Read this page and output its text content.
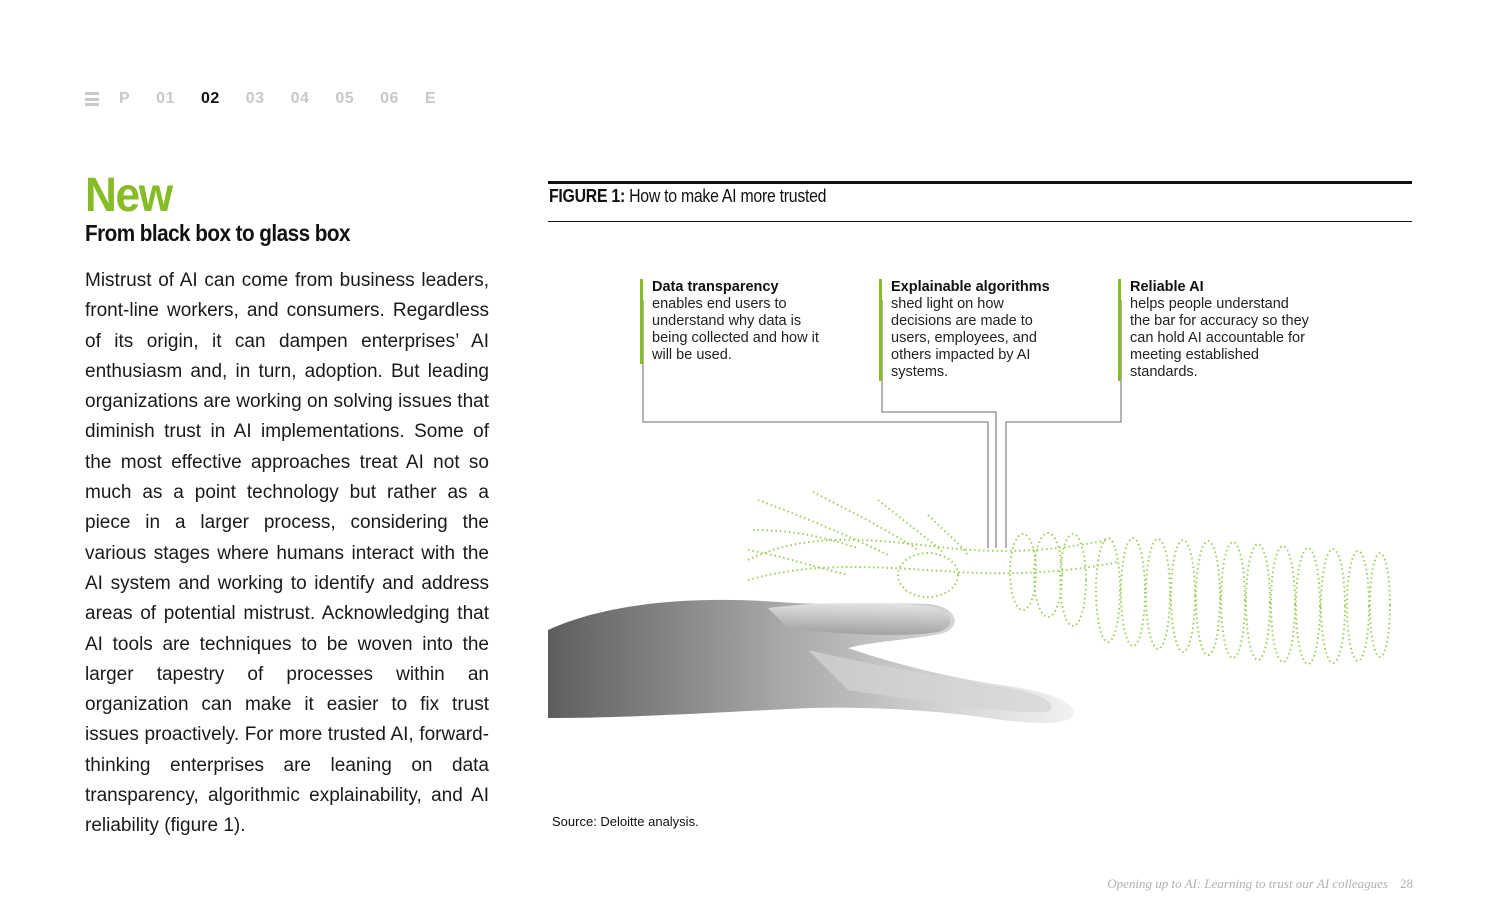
P 01 02 03 04 05 06 E
New
From black box to glass box

Mistrust of AI can come from business leaders, front-line workers, and consumers. Regardless of its origin, it can dampen enterprises’ AI enthusiasm and, in turn, adoption. But leading organizations are working on solving issues that diminish trust in AI implementations. Some of the most effective approaches treat AI not so much as a point technology but rather as a piece in a larger process, considering the various stages where humans interact with the AI system and working to identify and address areas of potential mistrust. Acknowledging that AI tools are techniques to be woven into the larger tapestry of processes within an organization can make it easier to fix trust issues proactively. For more trusted AI, forward-thinking enterprises are leaning on data transparency, algorithmic explainability, and AI reliability (figure 1).

FIGURE 1: How to make AI more trusted
Data transparency
enables end users to understand why data is being collected and how it will be used.
Explainable algorithms
shed light on how decisions are made to users, employees, and others impacted by AI systems.
Reliable AI
helps people understand the bar for accuracy so they can hold AI accountable for meeting established standards.
Source: Deloitte analysis.
Opening up to AI: Learning to trust our AI colleagues 28
